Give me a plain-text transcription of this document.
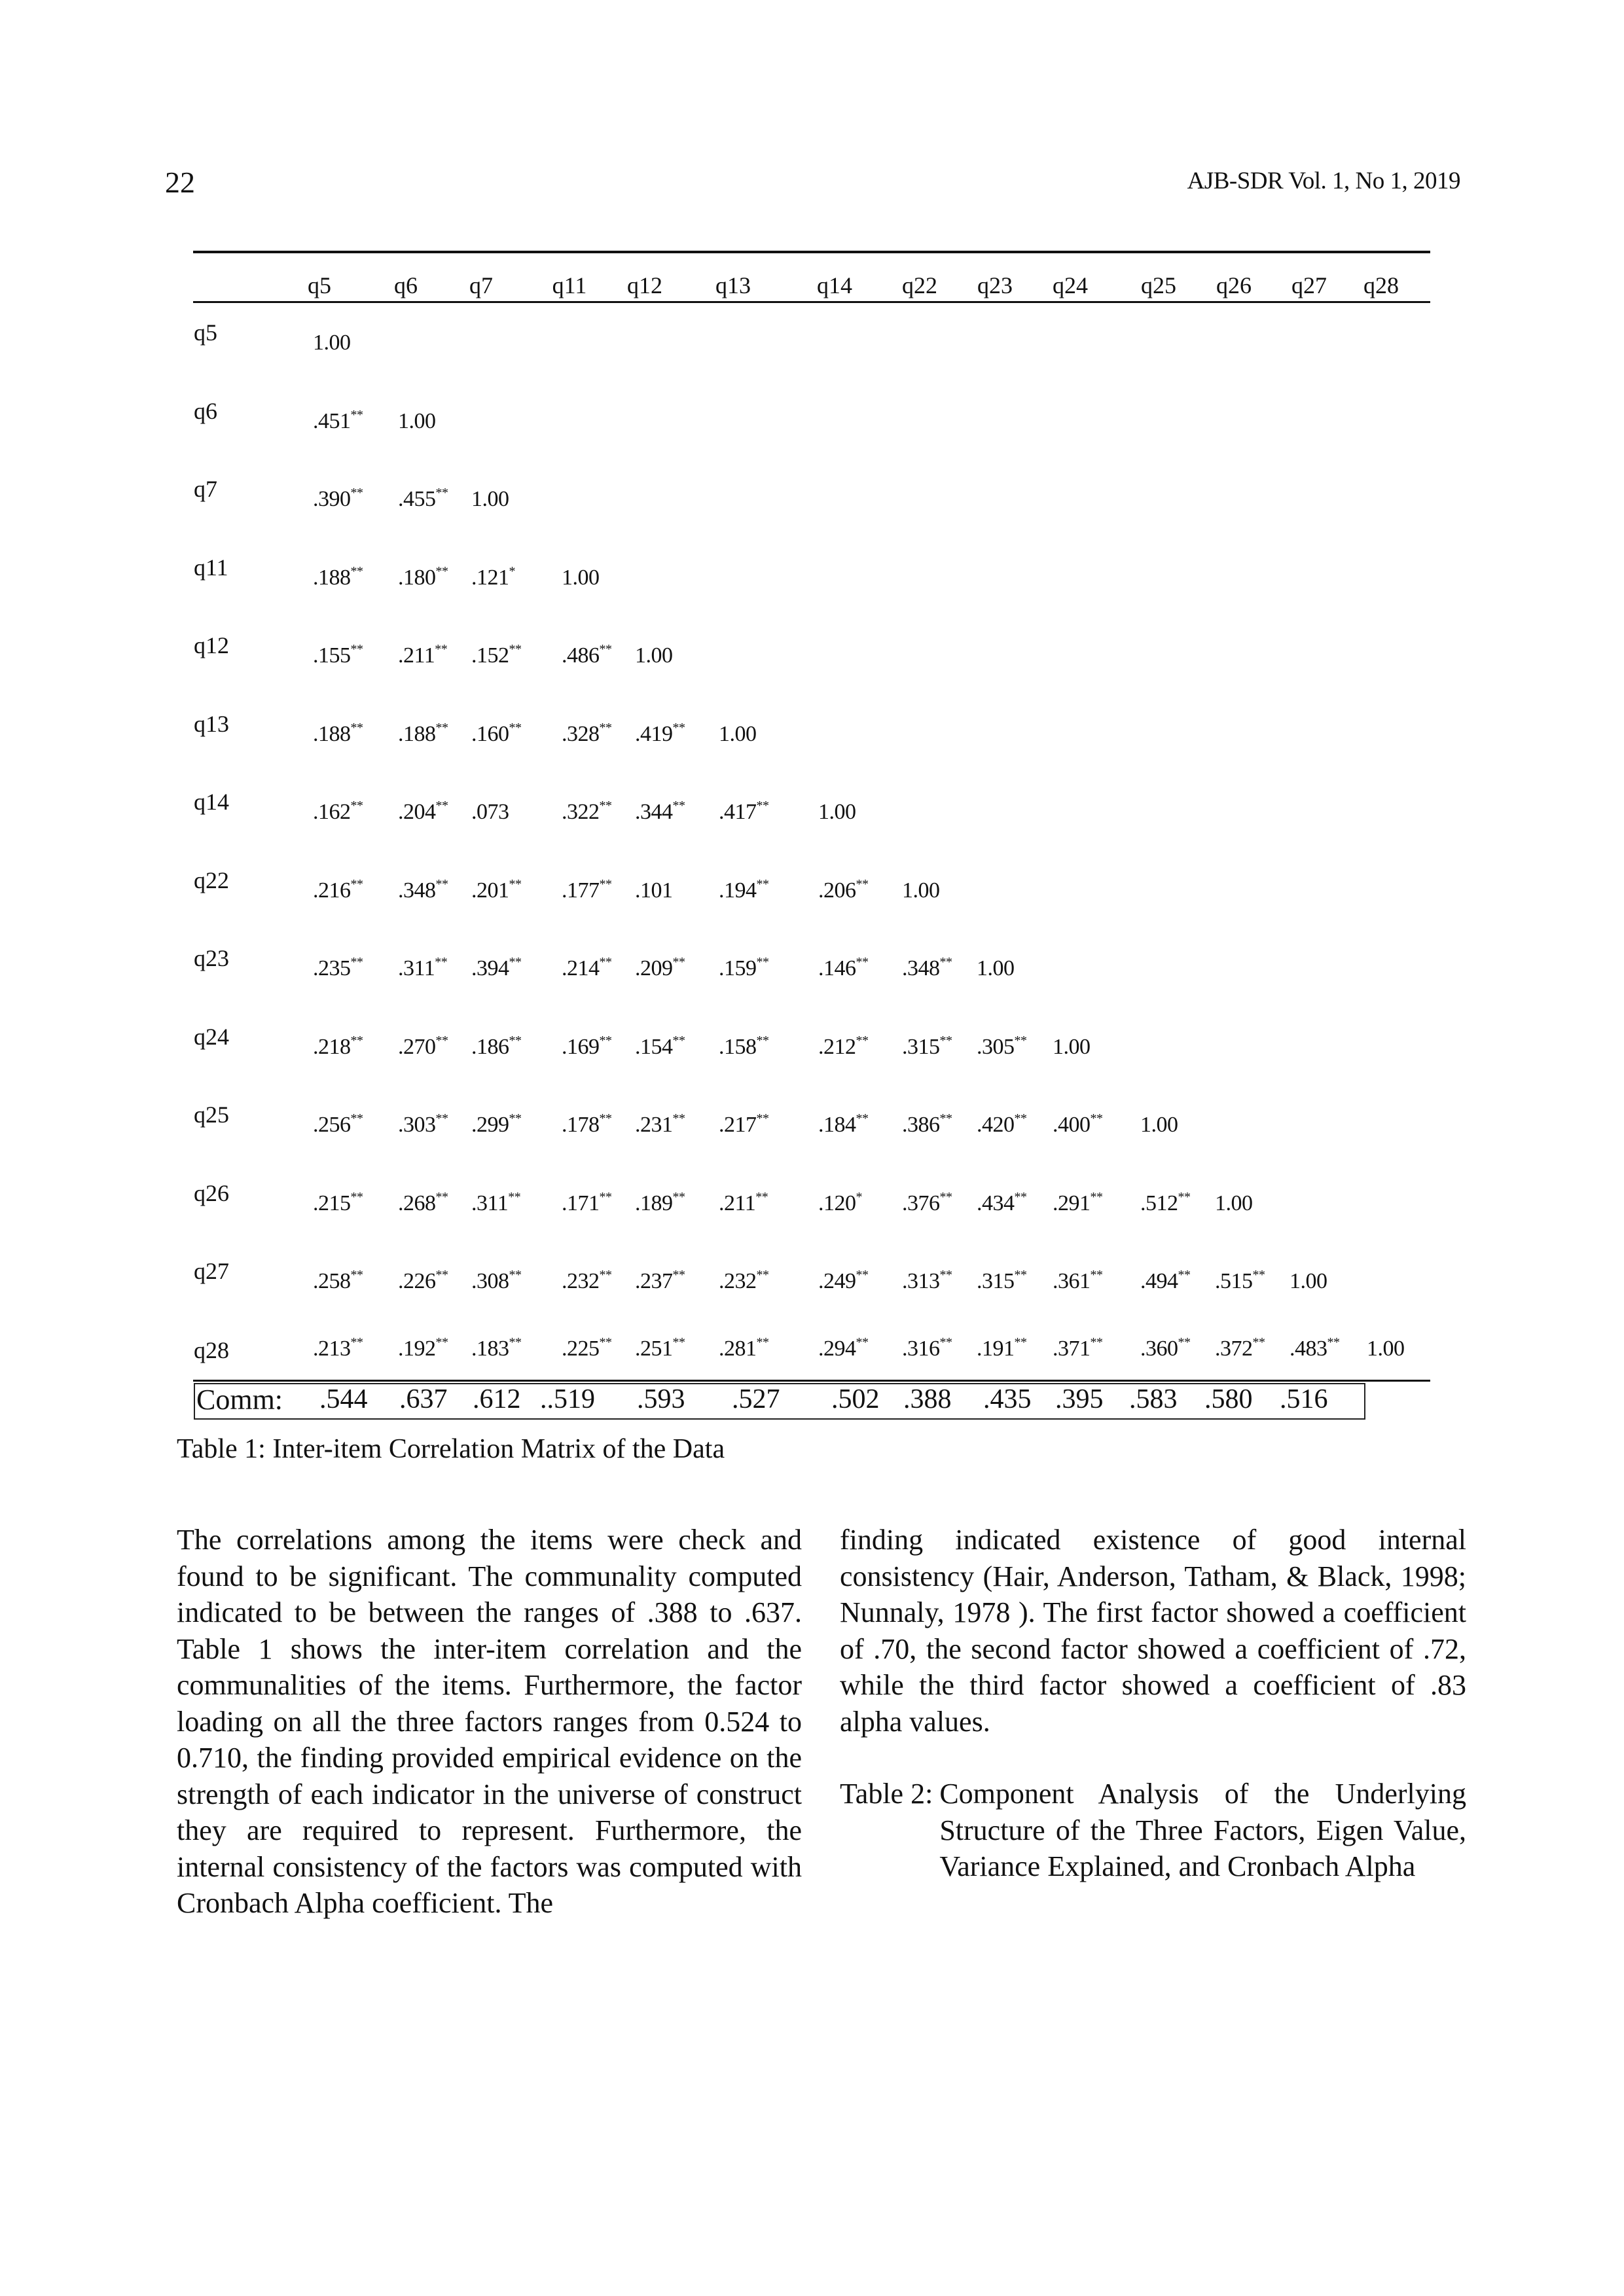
22	AJB-SDR Vol. 1, No 1, 2019
q5	q6 q7	q11 q12 q13	q14 q22 q23 q24 q25 q26 q27 q28
q5	1.00
q6	.451** 1.00
q7	.390** .455** 1.00
q11	.188** .180** .121* 1.00
q12	.155** .211** .152** .486** 1.00
q13	.188** .188** .160** .328** .419** 1.00
q14	.162** .204** .073 .322** .344** .417** 1.00
q22	.216** .348** .201** .177** .101 .194** .206** 1.00
q23	.235** .311** .394** .214** .209** .159** .146** .348** 1.00
q24	.218** .270** .186** .169** .154** .158** .212** .315** .305** 1.00
q25	.256** .303** .299** .178** .231** .217** .184** .386** .420** .400** 1.00
q26	.215** .268** .311** .171** .189** .211** .120* .376** .434** .291** .512** 1.00
q27	.258** .226** .308** .232** .237** .232** .249** .313** .315** .361** .494** .515** 1.00
q28	.213** .192** .183** .225** .251** .281** .294** .316** .191** .371** .360** .372** .483** 1.00
Comm: .544 .637 .612 ..519 .593 .527 .502 .388 .435 .395 .583 .580 .516
Table 1: Inter-item Correlation Matrix of the Data

The correlations among the items were check and found to be significant. The communality computed indicated to be between the ranges of .388 to .637. Table 1 shows the inter-item correlation and the communalities of the items. Furthermore, the factor loading on all the three factors ranges from 0.524 to 0.710, the finding provided empirical evidence on the strength of each indicator in the universe of construct they are required to represent. Furthermore, the internal consistency of the factors was computed with Cronbach Alpha coefficient. The

finding indicated existence of good internal consistency (Hair, Anderson, Tatham, & Black, 1998; Nunnaly, 1978 ). The first factor showed a coefficient of .70, the second factor showed a coefficient of .72, while the third factor showed a coefficient of .83 alpha values.

Table 2: Component Analysis of the Underlying Structure of the Three Factors, Eigen Value, Variance Explained, and Cronbach Alpha
